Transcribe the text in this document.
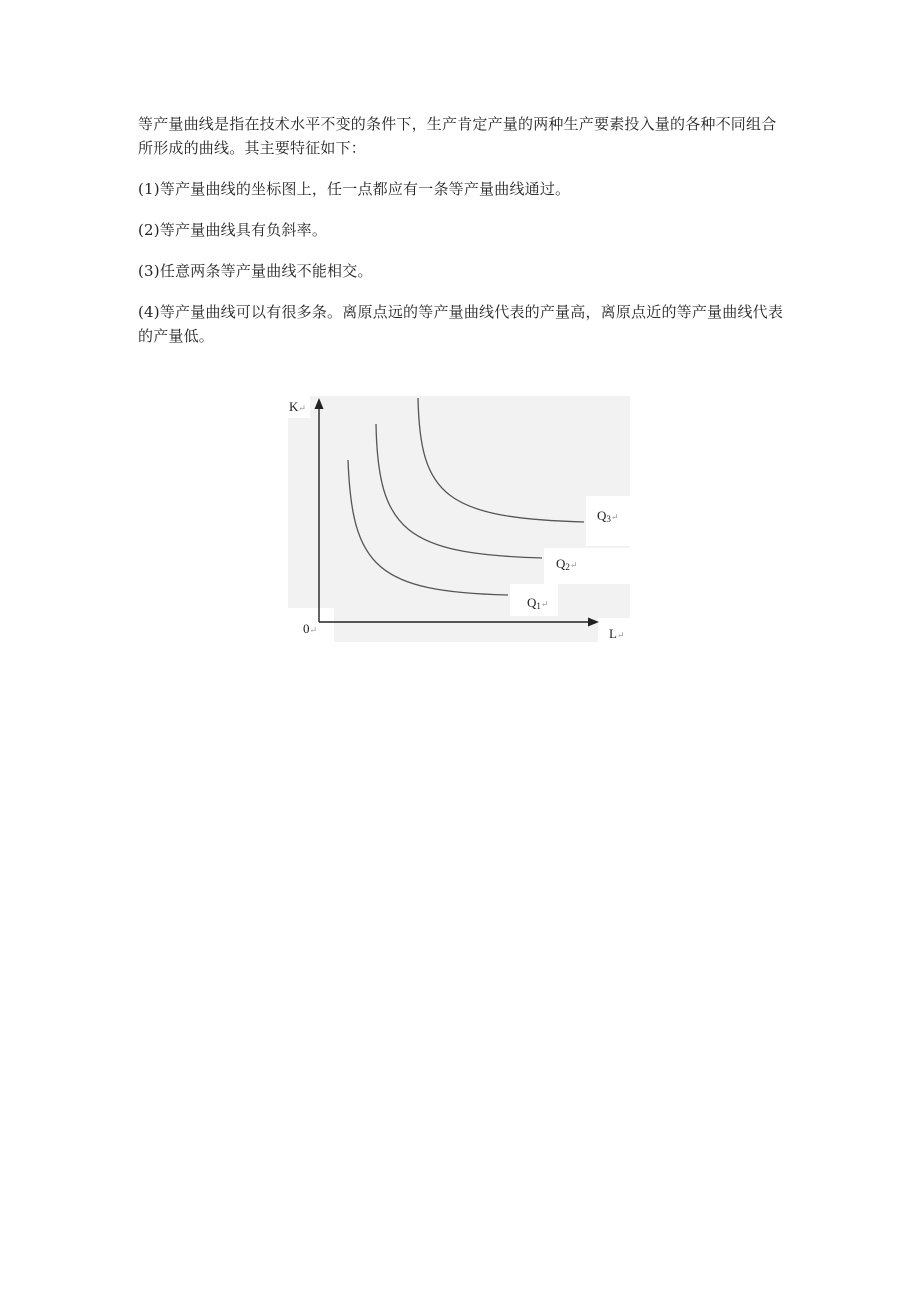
等产量曲线是指在技术水平不变的条件下，生产肯定产量的两种生产要素投入量的各种不同组合所形成的曲线。其主要特征如下：

(1)等产量曲线的坐标图上，任一点都应有一条等产量曲线通过。

(2)等产量曲线具有负斜率。

(3)任意两条等产量曲线不能相交。

(4)等产量曲线可以有很多条。离原点远的等产量曲线代表的产量高，离原点近的等产量曲线代表的产量低。

K↵
0↵	L↵
Q1↵
Q2↵
Q3↵
